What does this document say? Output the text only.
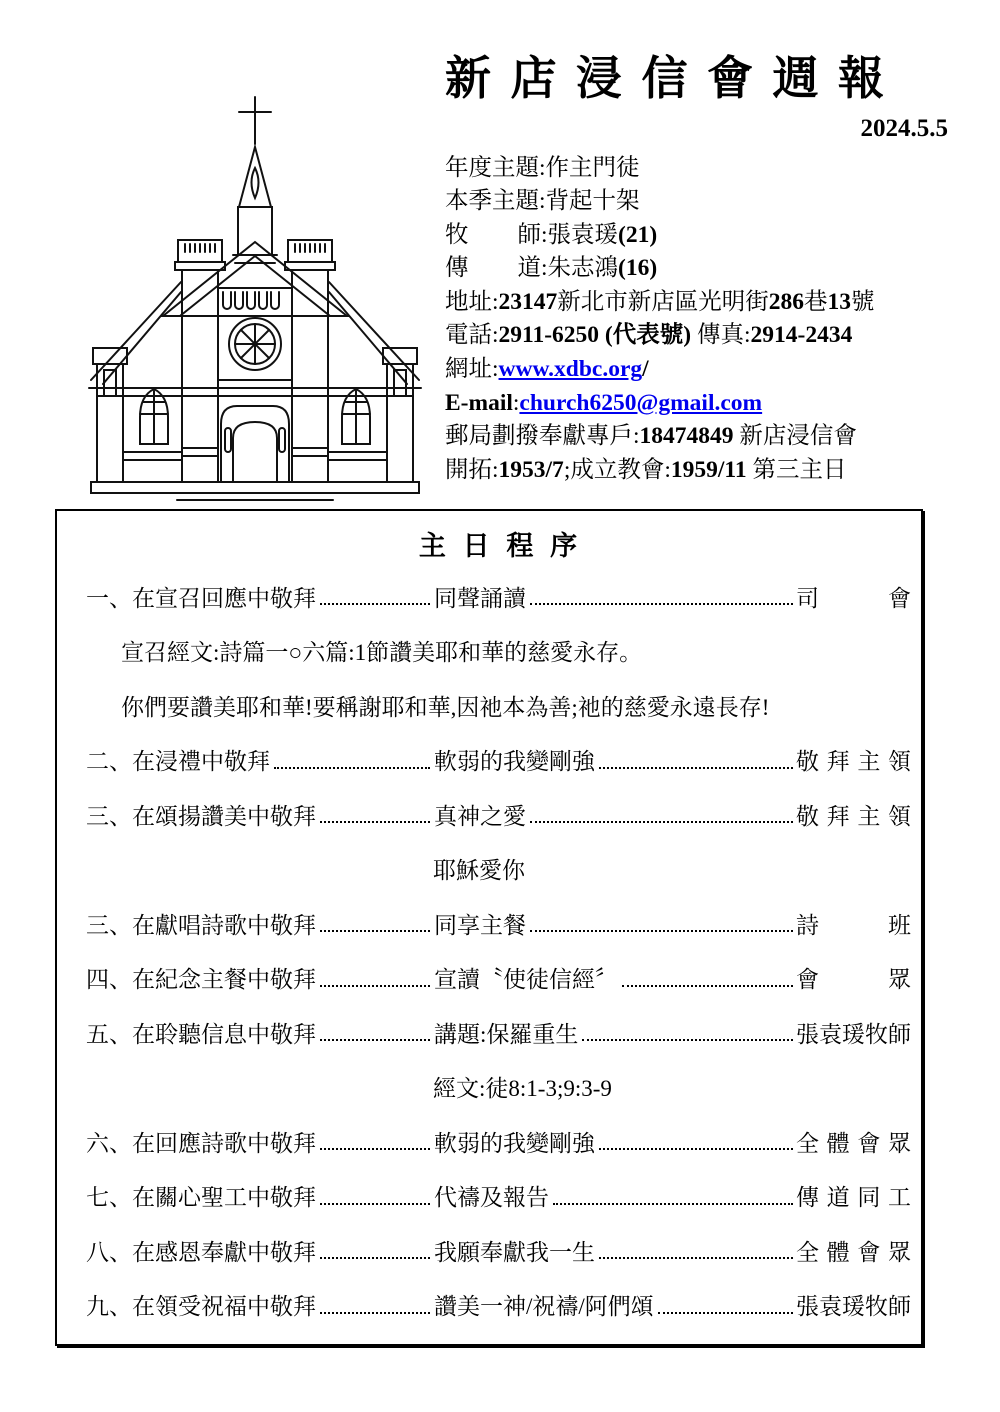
新 店 浸 信 會 週 報
2024.5.5
年度主題:作主門徒
本季主題:背起十架
牧師:張袁瑗(21)
傳道:朱志鴻(16)
地址:23147新北市新店區光明街286巷13號
電話:2911-6250 (代表號) 傳真:2914-2434
網址:www.xdbc.org/
E-mail:church6250@gmail.com
郵局劃撥奉獻專戶:18474849 新店浸信會
開拓:1953/7;成立教會:1959/11 第三主日
主 日 程 序
一、在宣召回應中敬拜	同聲誦讀	司會
宣召經文:詩篇一○六篇:1節讚美耶和華的慈愛永存。
你們要讚美耶和華!要稱謝耶和華,因祂本為善;祂的慈愛永遠長存!
二、在浸禮中敬拜	軟弱的我變剛強	敬拜主領
三、在頌揚讚美中敬拜	真神之愛	敬拜主領
耶穌愛你
三、在獻唱詩歌中敬拜	同享主餐	詩班
四、在紀念主餐中敬拜	宣讀〝使徒信經〞	會眾
五、在聆聽信息中敬拜	講題:保羅重生	張袁瑗牧師
經文:徒8:1-3;9:3-9
六、在回應詩歌中敬拜	軟弱的我變剛強	全體會眾
七、在關心聖工中敬拜	代禱及報告	傳道同工
八、在感恩奉獻中敬拜	我願奉獻我一生	全體會眾
九、在領受祝福中敬拜	讚美一神/祝禱/阿們頌	張袁瑗牧師
